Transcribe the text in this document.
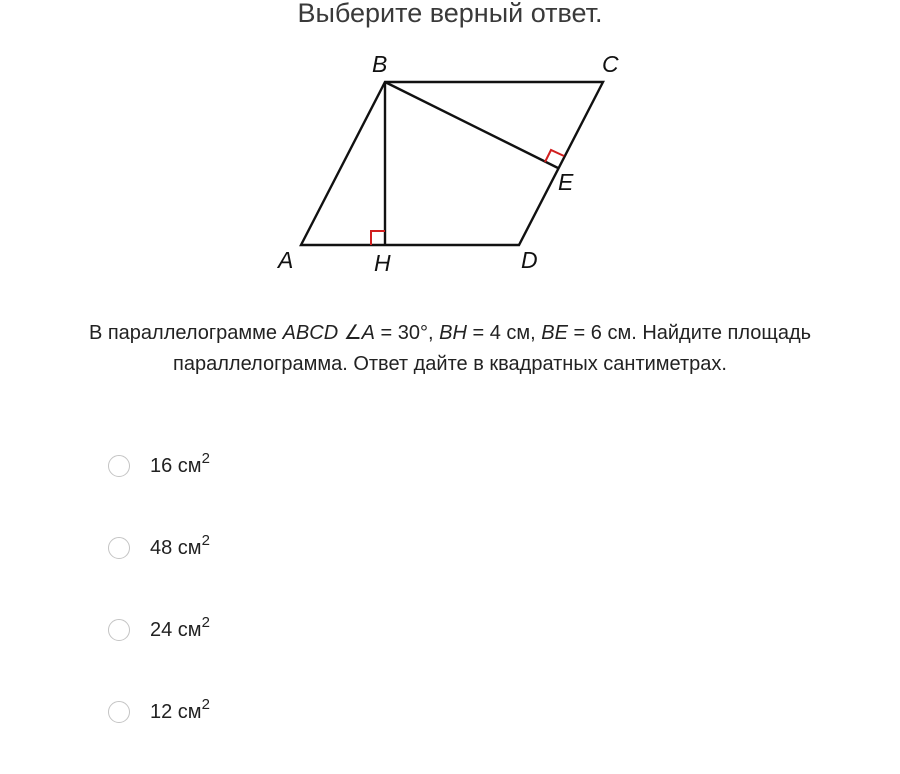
Выберите верный ответ.
A
B	C
D
E
H
В параллелограмме ABCD ∠A = 30°, BH = 4 см, BE = 6 см. Найдите площадь параллелограмма. Ответ дайте в квадратных сантиметрах.
16 $см^2$
48 $см^2$
24 $см^2$
12 $см^2$
